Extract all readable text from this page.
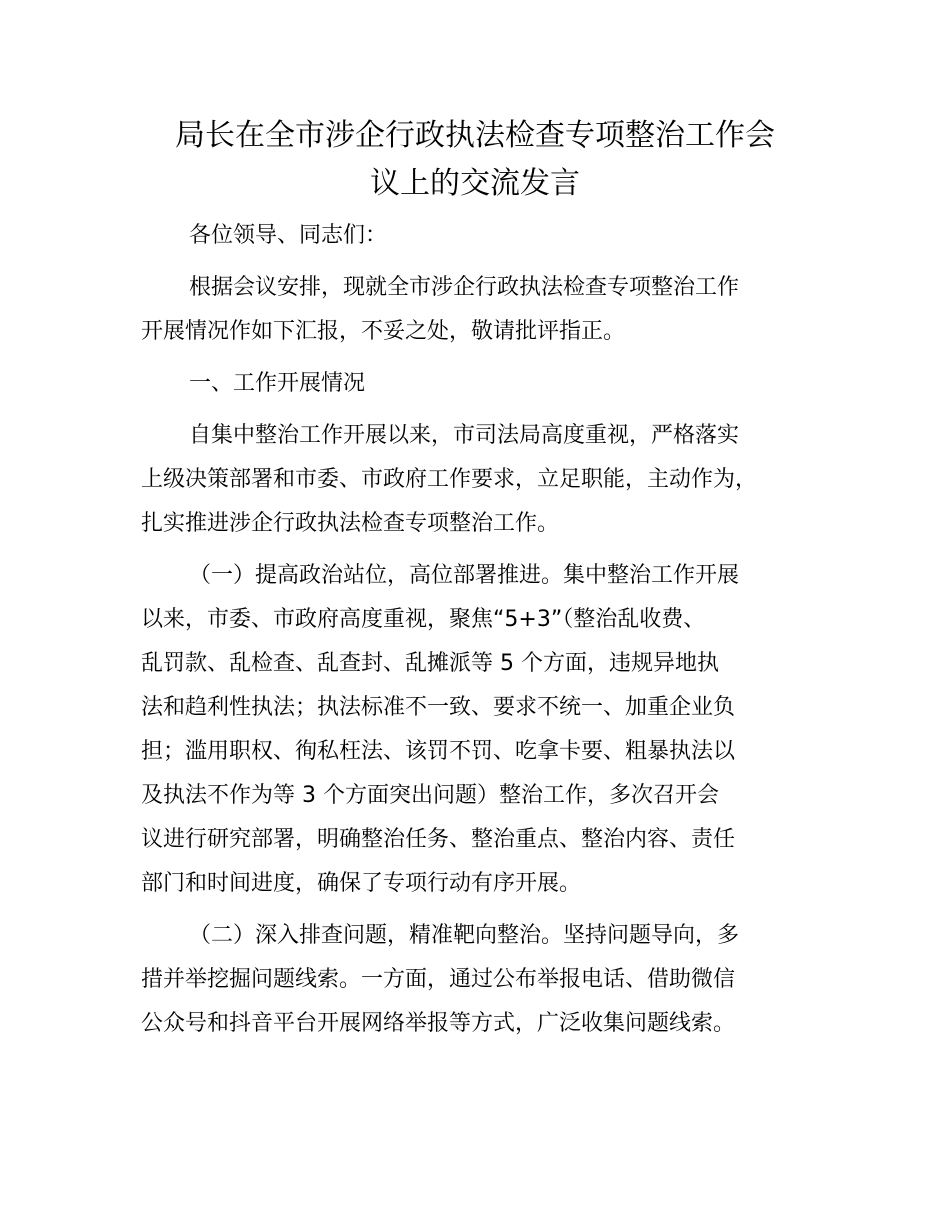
局长在全市涉企行政执法检查专项整治工作会
议上的交流发言

各位领导、同志们：

根据会议安排，现就全市涉企行政执法检查专项整治工作
开展情况作如下汇报，不妥之处，敬请批评指正。

一、工作开展情况

自集中整治工作开展以来，市司法局高度重视，严格落实
上级决策部署和市委、市政府工作要求，立足职能，主动作为，
扎实推进涉企行政执法检查专项整治工作。

（一）提高政治站位，高位部署推进。集中整治工作开展
以来，市委、市政府高度重视，聚焦“5+3”（整治乱收费、
乱罚款、乱检查、乱查封、乱摊派等 5 个方面，违规异地执
法和趋利性执法；执法标准不一致、要求不统一、加重企业负
担；滥用职权、徇私枉法、该罚不罚、吃拿卡要、粗暴执法以
及执法不作为等 3 个方面突出问题）整治工作，多次召开会
议进行研究部署，明确整治任务、整治重点、整治内容、责任
部门和时间进度，确保了专项行动有序开展。

（二）深入排查问题，精准靶向整治。坚持问题导向，多
措并举挖掘问题线索。一方面，通过公布举报电话、借助微信
公众号和抖音平台开展网络举报等方式，广泛收集问题线索。
